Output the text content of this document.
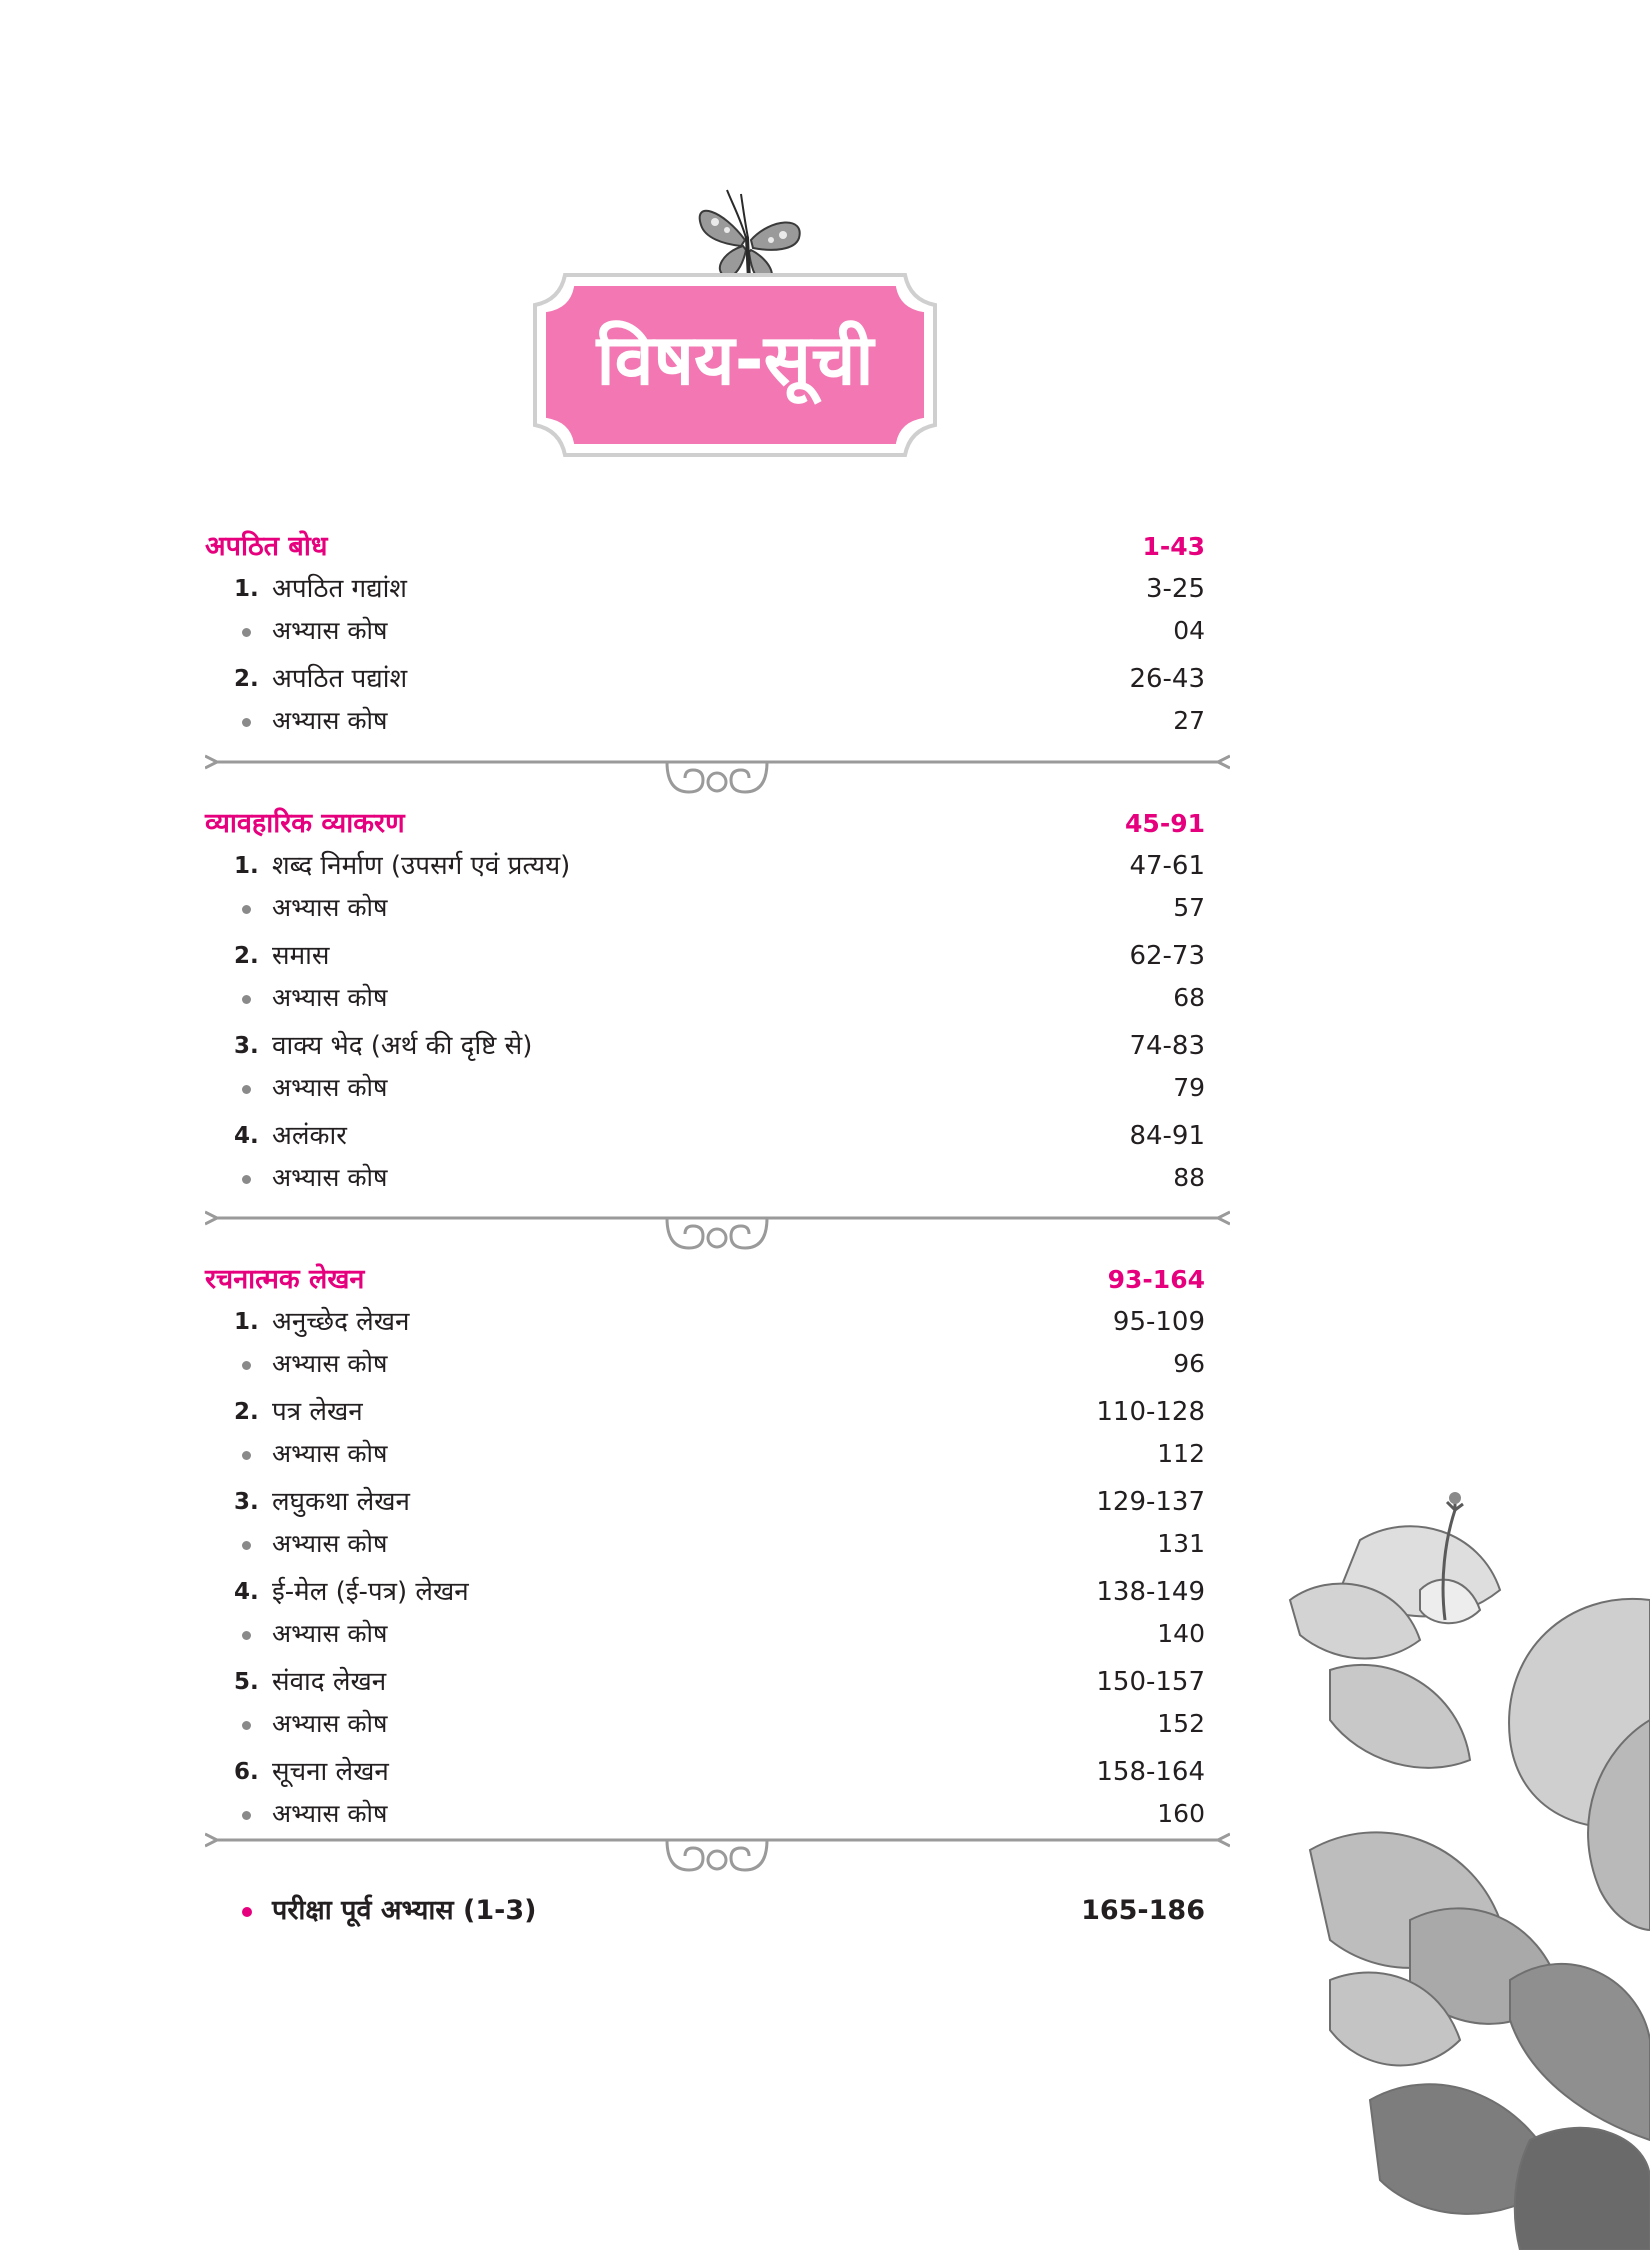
विषय-सूची
अपठित बोध	1-43
1. अपठित गद्यांश	3-25
अभ्यास कोष	04
2. अपठित पद्यांश	26-43
अभ्यास कोष	27
व्यावहारिक व्याकरण	45-91
1. शब्द निर्माण (उपसर्ग एवं प्रत्यय)	47-61
अभ्यास कोष	57
2. समास	62-73
अभ्यास कोष	68
3. वाक्य भेद (अर्थ की दृष्टि से)	74-83
अभ्यास कोष	79
4. अलंकार	84-91
अभ्यास कोष	88
रचनात्मक लेखन	93-164
1. अनुच्छेद लेखन	95-109
अभ्यास कोष	96
2. पत्र लेखन	110-128
अभ्यास कोष	112
3. लघुकथा लेखन	129-137
अभ्यास कोष	131
4. ई-मेल (ई-पत्र) लेखन	138-149
अभ्यास कोष	140
5. संवाद लेखन	150-157
अभ्यास कोष	152
6. सूचना लेखन	158-164
अभ्यास कोष	160
परीक्षा पूर्व अभ्यास (1-3)	165-186
